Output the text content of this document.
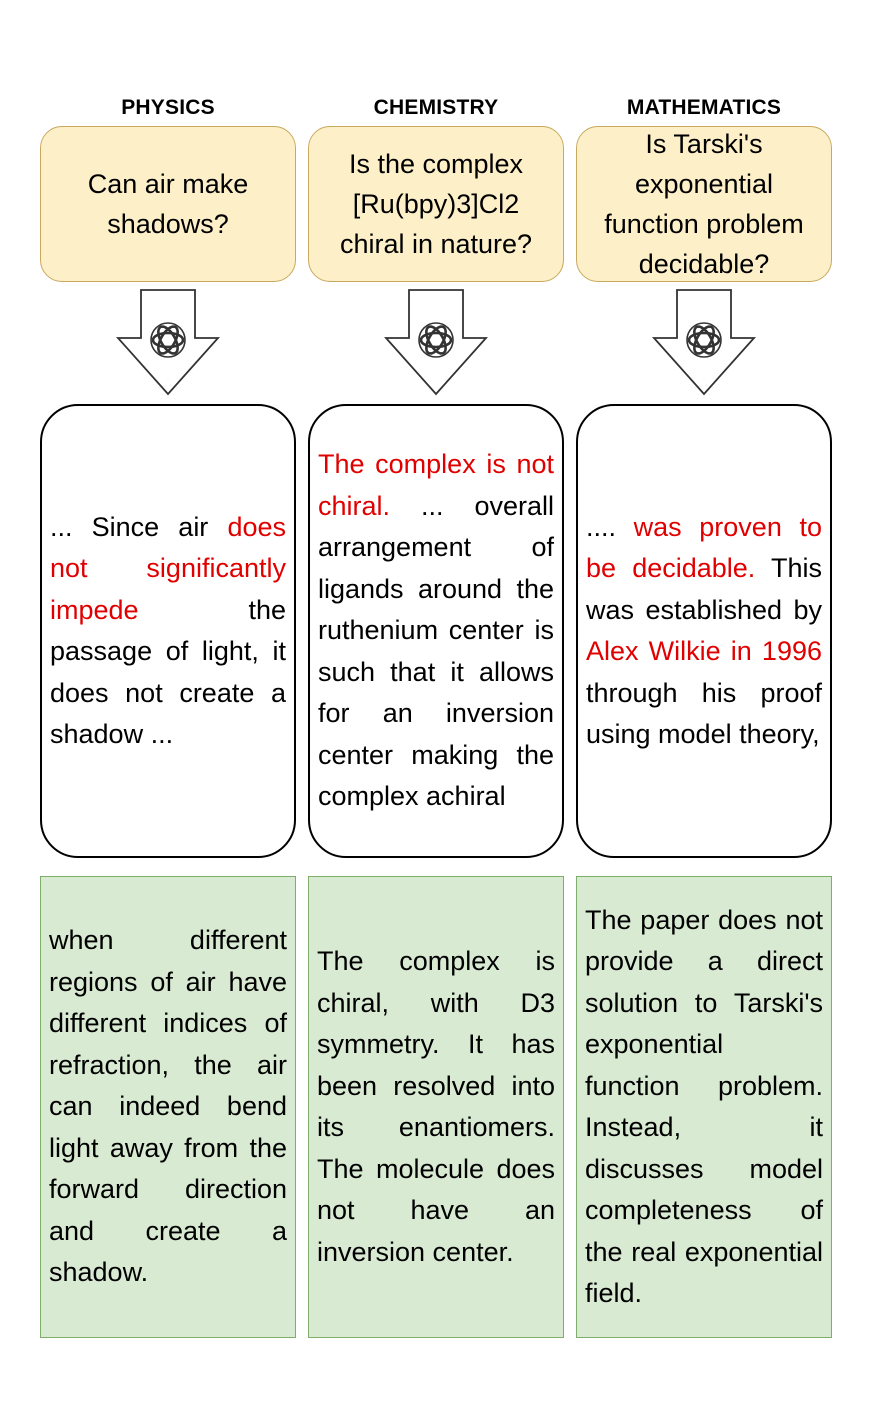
PHYSICS
Can air make shadows?
... Since air does not significantly impede the passage of light, it does not create a shadow ...
when different regions of air have different indices of refraction, the air can indeed bend light away from the forward direction and create a shadow.
CHEMISTRY
Is the complex [Ru(bpy)3]Cl2 chiral in nature?
The complex is not chiral. ... overall arrangement of ligands around the ruthenium center is such that it allows for an inversion center making the complex achiral
The complex is chiral, with D3 symmetry. It has been resolved into its enantiomers. The molecule does not have an inversion center.
MATHEMATICS
Is Tarski's exponential function problem decidable?
.... was proven to be decidable. This was established by Alex Wilkie in 1996 through his proof using model theory,
The paper does not provide a direct solution to Tarski's exponential function problem. Instead, it discusses model completeness of the real exponential field.
